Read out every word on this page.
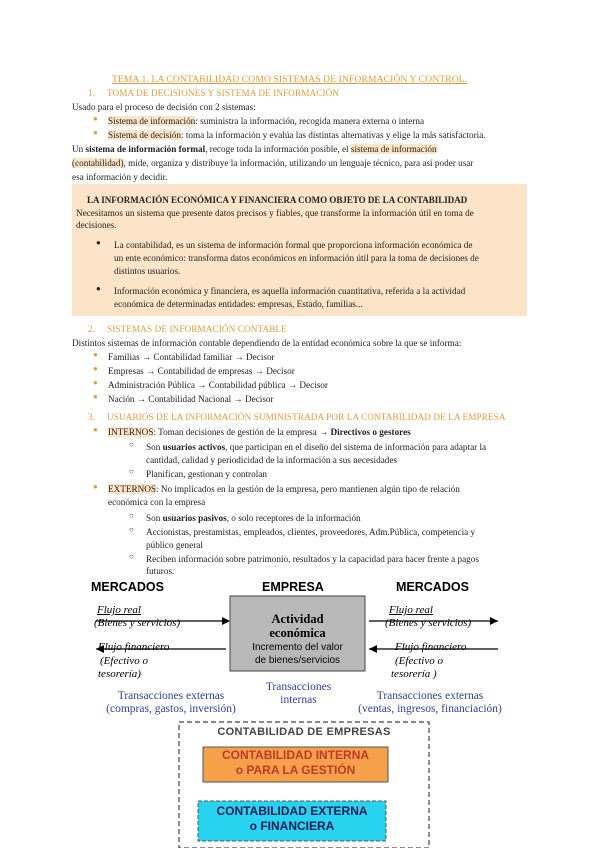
TEMA 1. LA CONTABILIDAD COMO SISTEMAS DE INFORMACIÓN Y CONTROL.
1. TOMA DE DECISIONES Y SISTEMA DE INFORMACIÓN
Usado para el proceso de decisión con 2 sistemas:
● Sistema de información: suministra la información, recogida manera externa o interna
● Sistema de decisión: toma la información y evalúa las distintas alternativas y elige la más satisfactoria.
Un sistema de información formal, recoge toda la información posible, el sistema de información
(contabilidad), mide, organiza y distribuye la información, utilizando un lenguaje técnico, para así poder usar
esa información y decidir.
LA INFORMACIÓN ECONÓMICA Y FINANCIERA COMO OBJETO DE LA CONTABILIDAD
Necesitamos un sistema que presente datos precisos y fiables, que transforme la información útil en toma de
decisiones.
● La contabilidad, es un sistema de información formal que proporciona información económica de
un ente económico: transforma datos económicos en información útil para la toma de decisiones de
distintos usuarios.
● Información económica y financiera, es aquella información cuantitativa, referida a la actividad
económica de determinadas entidades: empresas, Estado, familias...
2. SISTEMAS DE INFORMACIÓN CONTABLE
Distintos sistemas de información contable dependiendo de la entidad económica sobre la que se informa:
● Familias → Contabilidad familiar → Decisor
● Empresas → Contabilidad de empresas → Decisor
● Administración Pública → Contabilidad pública → Decisor
● Nación → Contabilidad Nacional → Decisor
3. USUARIOS DE LA INFORMACIÓN SUMINISTRADA POR LA CONTABILIDAD DE LA EMPRESA
● INTERNOS: Toman decisiones de gestión de la empresa → Directivos o gestores
○ Son usuarios activos, que participan en el diseño del sistema de información para adaptar la
cantidad, calidad y periodicidad de la información a sus necesidades
○ Planifican, gestionan y controlan
● EXTERNOS: No implicados en la gestión de la empresa, pero mantienen algún tipo de relación
económica con la empresa
○ Son usuarios pasivos, o solo receptores de la información
○ Accionistas, prestamistas, empleados, clientes, proveedores, Adm.Pública, competencia y
público general
○ Reciben información sobre patrimonio, resultados y la capacidad para hacer frente a pagos
futuros.
MERCADOS	EMPRESA	MERCADOS
Flujo real
(Bienes y servicios)
Flujo financiero
(Efectivo o
tesorería)
Flujo real
(Bienes y servicios)
Flujo financiero
(Efectivo o
tesorería )
Actividad
económica
Incremento del valor
de bienes/servicios
Transacciones
internas
Transacciones externas
(compras, gastos, inversión)
Transacciones externas
(ventas, ingresos, financiación)
CONTABILIDAD DE EMPRESAS
CONTABILIDAD INTERNA
o PARA LA GESTIÓN
CONTABILIDAD EXTERNA
o FINANCIERA
